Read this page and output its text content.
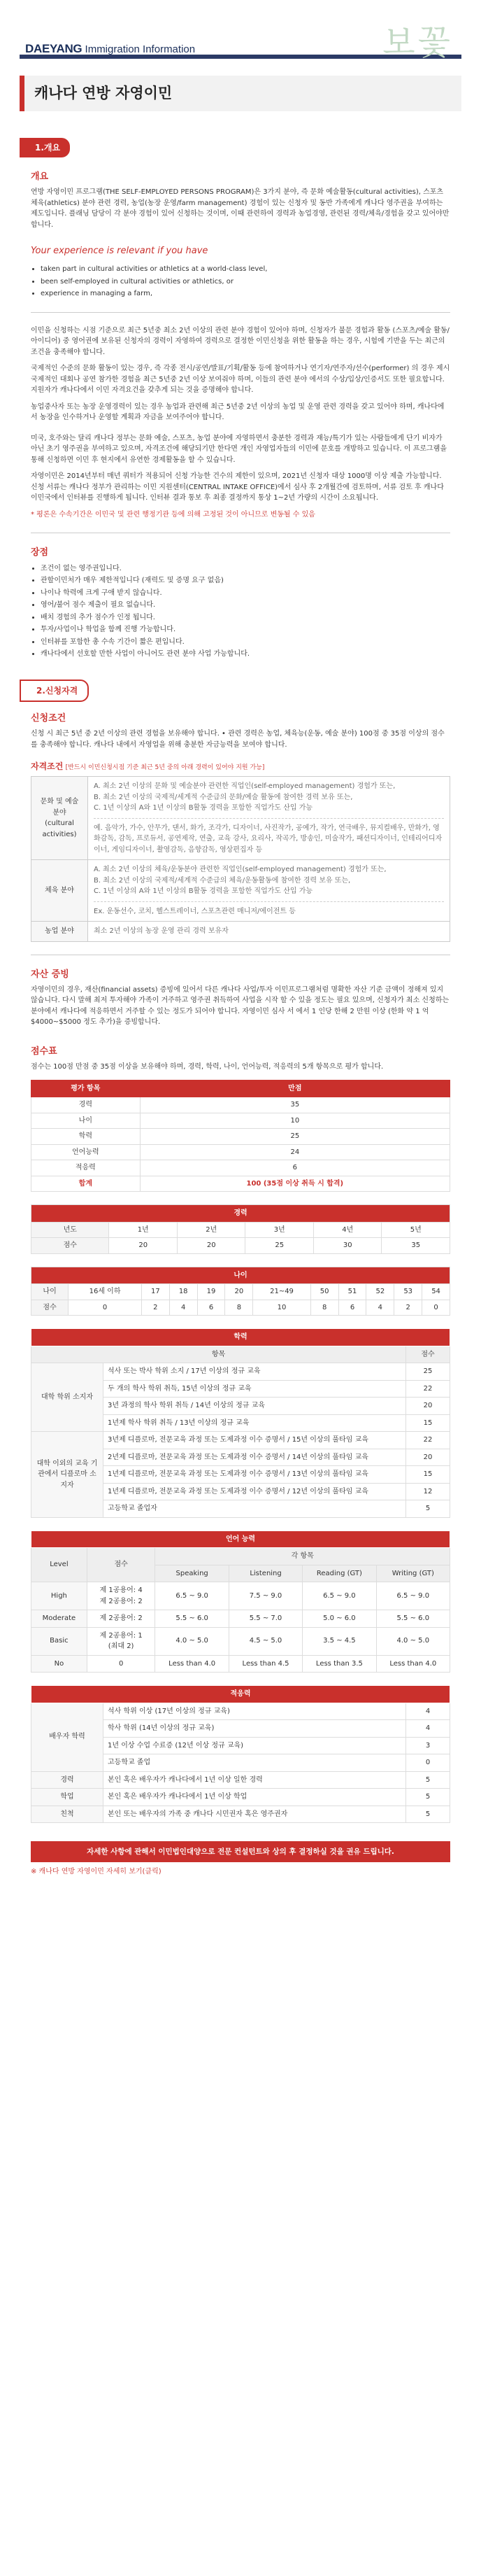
DAEYANG Immigration Information	보꽃
캐나다 연방 자영이민
1.개요
개요

연방 자영이민 프로그램(THE SELF-EMPLOYED PERSONS PROGRAM)은 3가지 분야, 즉 문화 예술활동(cultural activities), 스포츠 체육(athletics) 분야 관련 경력, 농업(농장 운영/farm management) 경험이 있는 신청자 및 동반 가족에게 캐나다 영주권을 부여하는 제도입니다. 플래닝 담당이 각 분야 경험이 있어 신청하는 것이며, 이때 관련하여 경력과 농업경영, 관련된 경력/체육/경험을 갖고 있어야만 합니다.

Your experience is relevant if you have
• taken part in cultural activities or athletics at a world-class level,
• been self-employed in cultural activities or athletics, or
• experience in managing a farm,

이민을 신청하는 시점 기준으로 최근 5년중 최소 2년 이상의 관련 분야 경험이 있어야 하며, 신청자가 불문 경험과 활동 (스포츠/예술 활동/아이디어) 중 영어권에 보유된 신청자의 경력이 자영하여 경력으로 결정한 이민신청을 위한 활동을 하는 경우, 시험에 기반을 두는 최근의 조건을 충족해야 합니다.

국제적인 수준의 문화 활동이 있는 경우, 즉 각종 전시/공연/발표/기획/활동 등에 참여하거나 연기자/연주자/선수(performer) 의 경우 제시 국제적인 대회나 공연 참가한 경험을 최근 5년중 2년 이상 보여줘야 하며, 이들의 관련 분야 에서의 수상/입상/인증서도 또한 필요합니다. 지원자가 캐나다에서 이민 자격요건을 갖추게 되는 것을 증명해야 합니다.

농업중사자 또는 농장 운영경력이 있는 경우 농업과 관련해 최근 5년중 2년 이상의 농업 및 운영 관련 경력을 갖고 있어야 하며, 캐나다에서 농장을 인수하거나 운영할 계획과 자금을 보여주어야 합니다.

미국, 호주와는 달리 캐나다 정부는 문화 예술, 스포츠, 농업 분야에 자영하면서 충분한 경력과 재능/특기가 있는 사람들에게 단기 비자가 아닌 초기 영주권을 부여하고 있으며, 자격조건에 해당되기만 한다면 개인 자영업자들의 이민에 문호를 개방하고 있습니다. 이 프로그램을 통해 신청하면 이민 후 현지에서 유연한 경제활동을 할 수 있습니다.

자영이민은 2014년부터 매년 쿼터가 적용되어 신청 가능한 건수의 제한이 있으며, 2021년 신청자 대상 1000명 이상 제출 가능합니다. 신청 서류는 캐나다 정부가 관리하는 이민 지원센터(CENTRAL INTAKE OFFICE)에서 심사 후 2개월간에 검토하며, 서류 검토 후 캐나다 이민국에서 인터뷰를 진행하게 됩니다. 인터뷰 결과 통보 후 최종 결정까지 통상 1~2년 가량의 시간이 소요됩니다.

* 평론은 수속기간은 이민국 및 관련 행정기관 등에 의해 고정된 것이 아니므로 변동될 수 있음

장점
• 조건이 없는 영주권입니다.
• 관할이민처가 매우 제한적입니다 (재력도 및 증명 요구 없음)
• 나이나 학력에 크게 구애 받지 않습니다.
• 영어/불어 점수 제출이 필요 없습니다.
• 배치 경험의 추가 점수가 인정 됩니다.
• 투자/사업이나 학업을 함께 진행 가능합니다.
• 인터뷰를 포함한 총 수속 기간이 짧은 편입니다.
• 캐나다에서 선호할 만한 사업이 아니어도 관련 분야 사업 가능합니다.
2.신청자격
신청조건

신청 시 최근 5년 중 2년 이상의 관련 경험을 보유해야 합니다. • 관련 경력은 농업, 체육능(운동, 예술 분야) 100점 중 35점 이상의 점수를 충족해야 합니다. 캐나다 내에서 자영업을 위해 충분한 자금능력을 보여야 합니다.

자격조건 [반드시 이민신청시점 기준 최근 5년 중의 아래 경력이 있어야 지원 가능]
문화 및 예술 분야 (cultural activities)	A. 최소 2년 이상의 문화 및 예술분야 관련한 직업인(self-employed management) 경험가 또는,
B. 최소 2년 이상의 국제적/세계적 수준급의 문화/예술 활동에 참여한 경력 보유 또는,
C. 1년 이상의 A와 1년 이상의 B활동 경력을 포함한 직업가도 산입 가능
예. 음악가, 가수, 안무가, 댄서, 화가, 조각가, 디자이너, 사진작가, 공예가, 작가, 연극배우, 뮤지컬배우, 만화가, 영화감독, 감독, 프로듀서, 공연제작, 연출, 교육 강사, 요리사, 작곡가, 방송인, 미술작가, 패션디자이너, 인테리어디자이너, 게임디자이너, 촬영감독, 음향감독, 영상편집자 등

체육 분야	A. 최소 2년 이상의 체육/운동분야 관련한 직업인(self-employed management) 경험가 또는,
B. 최소 2년 이상의 국제적/세계적 수준급의 체육/운동활동에 참여한 경력 보유 또는,
C. 1년 이상의 A와 1년 이상의 B활동 경력을 포함한 직업가도 산입 가능
Ex. 운동선수, 코치, 헬스트레이너, 스포츠관련 매니저/에이전트 등

농업 분야	최소 2년 이상의 농장 운영 관리 경력 보유자
자산 증빙

자영이민의 경우, 재산(financial assets) 증빙에 있어서 다른 캐나다 사업/투자 이민프로그램처럼 명확한 자산 기준 금액이 정해져 있지 않습니다. 다시 말해 최저 투자해야 가족이 거주하고 영주권 취득하여 사업을 시작 할 수 있을 정도는 필요 있으며, 신청자가 최소 신청하는 분야에서 캐나다에 적응하면서 거주할 수 있는 정도가 되어야 합니다. 자영이민 심사 서 에서 1 인당 한해 2 만원 이상 (한화 약 1 억 $4000~$5000 정도 추가)을 증빙합니다.

점수표

점수는 100점 만점 중 35점 이상을 보유해야 하며, 경력, 학력, 나이, 언어능력, 적응력의 5개 항목으로 평가 합니다.

평가 항목	만점
경력	35
나이	10
학력	25
언어능력	24
적응력	6
합계	100 (35점 이상 취득 시 합격)
경력					
년도	1년	2년	3년	4년	5년
점수	20	20	25	30	35
나이											
나이	16세 이하	17	18	19	20	21~49	50	51	52	53	54
점수	0	2	4	6	8	10	8	6	4	2	0
학력		
항목		점수
대학 학위 소지자	석사 또는 박사 학위 소지 / 17년 이상의 정규 교육	25
	두 개의 학사 학위 취득, 15년 이상의 정규 교육	22
	3년 과정의 학사 학위 취득 / 14년 이상의 정규 교육	20
	1년제 학사 학위 취득 / 13년 이상의 정규 교육	15
대학 이외의 교육 기관에서 디플로마 소지자	3년제 디플로마, 전문교육 과정 또는 도제과정 이수 증명서 / 15년 이상의 풀타임 교육	22
	2년제 디플로마, 전문교육 과정 또는 도제과정 이수 증명서 / 14년 이상의 풀타임 교육	20
	1년제 디플로마, 전문교육 과정 또는 도제과정 이수 증명서 / 13년 이상의 풀타임 교육	15
	1년제 디플로마, 전문교육 과정 또는 도제과정 이수 증명서 / 12년 이상의 풀타임 교육	12
	고등학교 졸업자	5
언어 능력					
Level	점수	각 항목			
		Speaking	Listening	Reading (GT)	Writing (GT)
High	제 1공용어: 4
제 2공용어: 2	6.5 ~ 9.0	7.5 ~ 9.0	6.5 ~ 9.0	6.5 ~ 9.0
Moderate	제 2공용어: 2	5.5 ~ 6.0	5.5 ~ 7.0	5.0 ~ 6.0	5.5 ~ 6.0
Basic	제 2공용어: 1
(최대 2)	4.0 ~ 5.0	4.5 ~ 5.0	3.5 ~ 4.5	4.0 ~ 5.0
No	0	Less than 4.0	Less than 4.5	Less than 3.5	Less than 4.0
적응력		
배우자 학력	석사 학위 이상 (17년 이상의 정규 교육)	4
	학사 학위 (14년 이상의 정규 교육)	4
	1년 이상 수업 수료증 (12년 이상 정규 교육)	3
	고등학교 졸업	0
경력	본인 혹은 배우자가 캐나다에서 1년 이상 일한 경력	5
학업	본인 혹은 배우자가 캐나다에서 1년 이상 학업	5
친척	본인 또는 배우자의 가족 중 캐나다 시민권자 혹은 영주권자	5
자세한 사항에 관해서 이민법인대양으로 전문 컨설턴트와 상의 후 결정하실 것을 권유 드립니다.
※ 캐나다 연방 자영이민 자세히 보기(클릭)
